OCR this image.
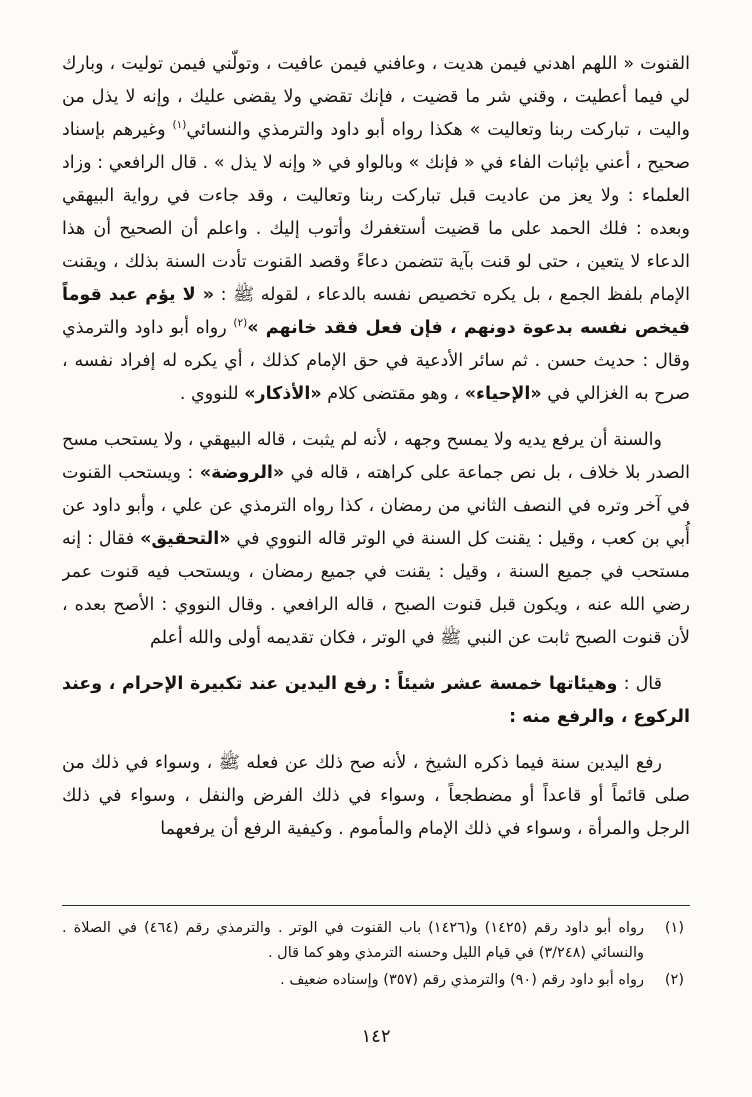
القنوت « اللهم اهدني فيمن هديت ، وعافني فيمن عافيت ، وتولّني فيمن توليت ، وبارك لي فيما أعطيت ، وقني شر ما قضيت ، فإنك تقضي ولا يقضى عليك ، وإنه لا يذل من واليت ، تباركت ربنا وتعاليت » هكذا رواه أبو داود والترمذي والنسائي$^{(١)}$ وغيرهم بإسناد صحيح ، أعني بإثبات الفاء في « فإنك » وبالواو في « وإنه لا يذل » . قال الرافعي : وزاد العلماء : ولا يعز من عاديت قبل تباركت ربنا وتعاليت ، وقد جاءت في رواية البيهقي وبعده : فلك الحمد على ما قضيت أستغفرك وأتوب إليك . واعلم أن الصحيح أن هذا الدعاء لا يتعين ، حتى لو قنت بآية تتضمن دعاءً وقصد القنوت تأدت السنة بذلك ، ويقنت الإمام بلفظ الجمع ، بل يكره تخصيص نفسه بالدعاء ، لقوله ﷺ : « لا يؤم عبد قوماً فيخص نفسه بدعوة دونهم ، فإن فعل فقد خانهم »$^{(٢)}$ رواه أبو داود والترمذي وقال : حديث حسن . ثم سائر الأدعية في حق الإمام كذلك ، أي يكره له إفراد نفسه ، صرح به الغزالي في «الإحياء» ، وهو مقتضى كلام «الأذكار» للنووي .

والسنة أن يرفع يديه ولا يمسح وجهه ، لأنه لم يثبت ، قاله البيهقي ، ولا يستحب مسح الصدر بلا خلاف ، بل نص جماعة على كراهته ، قاله في «الروضة» : ويستحب القنوت في آخر وتره في النصف الثاني من رمضان ، كذا رواه الترمذي عن علي ، وأبو داود عن أُبي بن كعب ، وقيل : يقنت كل السنة في الوتر قاله النووي في «التحقيق» فقال : إنه مستحب في جميع السنة ، وقيل : يقنت في جميع رمضان ، ويستحب فيه قنوت عمر رضي الله عنه ، ويكون قبل قنوت الصبح ، قاله الرافعي . وقال النووي : الأصح بعده ، لأن قنوت الصبح ثابت عن النبي ﷺ في الوتر ، فكان تقديمه أولى والله أعلم

قال : وهيئاتها خمسة عشر شيئاً : رفع اليدين عند تكبيرة الإحرام ، وعند الركوع ، والرفع منه :

رفع اليدين سنة فيما ذكره الشيخ ، لأنه صح ذلك عن فعله ﷺ ، وسواء في ذلك من صلى قائماً أو قاعداً أو مضطجعاً ، وسواء في ذلك الفرض والنفل ، وسواء في ذلك الرجل والمرأة ، وسواء في ذلك الإمام والمأموم . وكيفية الرفع أن يرفعهما

(١)
رواه أبو داود رقم (١٤٢٥) و(١٤٢٦) باب القنوت في الوتر . والترمذي رقم (٤٦٤) في الصلاة . والنسائي (٣/٢٤٨) في قيام الليل وحسنه الترمذي وهو كما قال .
(٢)
رواه أبو داود رقم (٩٠) والترمذي رقم (٣٥٧) وإسناده ضعيف .
١٤٢
